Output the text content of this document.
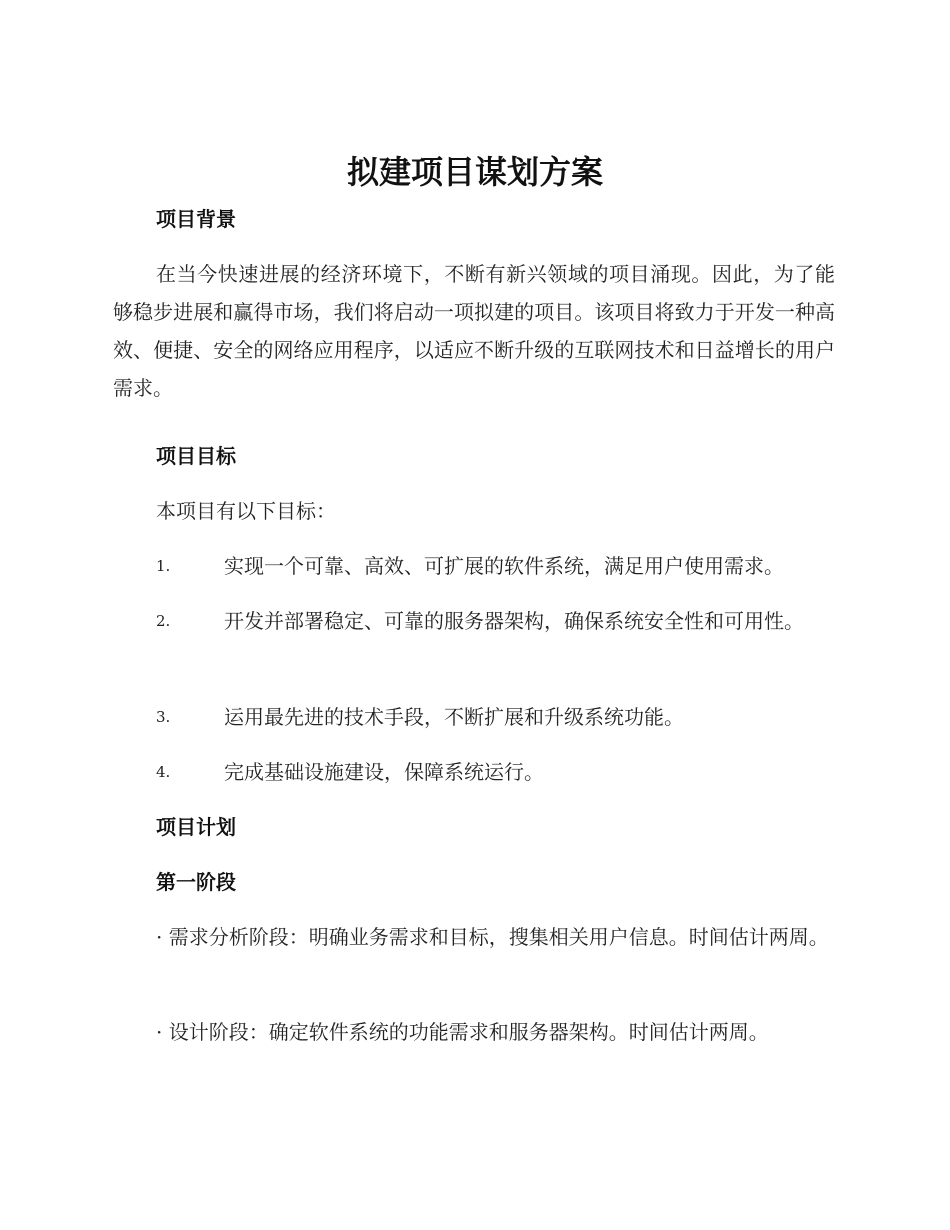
拟建项目谋划方案
项目背景
在当今快速进展的经济环境下，不断有新兴领域的项目涌现。因此，为了能够稳步进展和赢得市场，我们将启动一项拟建的项目。该项目将致力于开发一种高效、便捷、安全的网络应用程序，以适应不断升级的互联网技术和日益增长的用户需求。
项目目标
本项目有以下目标：
1.	实现一个可靠、高效、可扩展的软件系统，满足用户使用需求。
2.	开发并部署稳定、可靠的服务器架构，确保系统安全性和可用性。
3.	运用最先进的技术手段，不断扩展和升级系统功能。
4.	完成基础设施建设，保障系统运行。
项目计划
第一阶段
· 需求分析阶段：明确业务需求和目标，搜集相关用户信息。时间估计两周。
· 设计阶段：确定软件系统的功能需求和服务器架构。时间估计两周。
